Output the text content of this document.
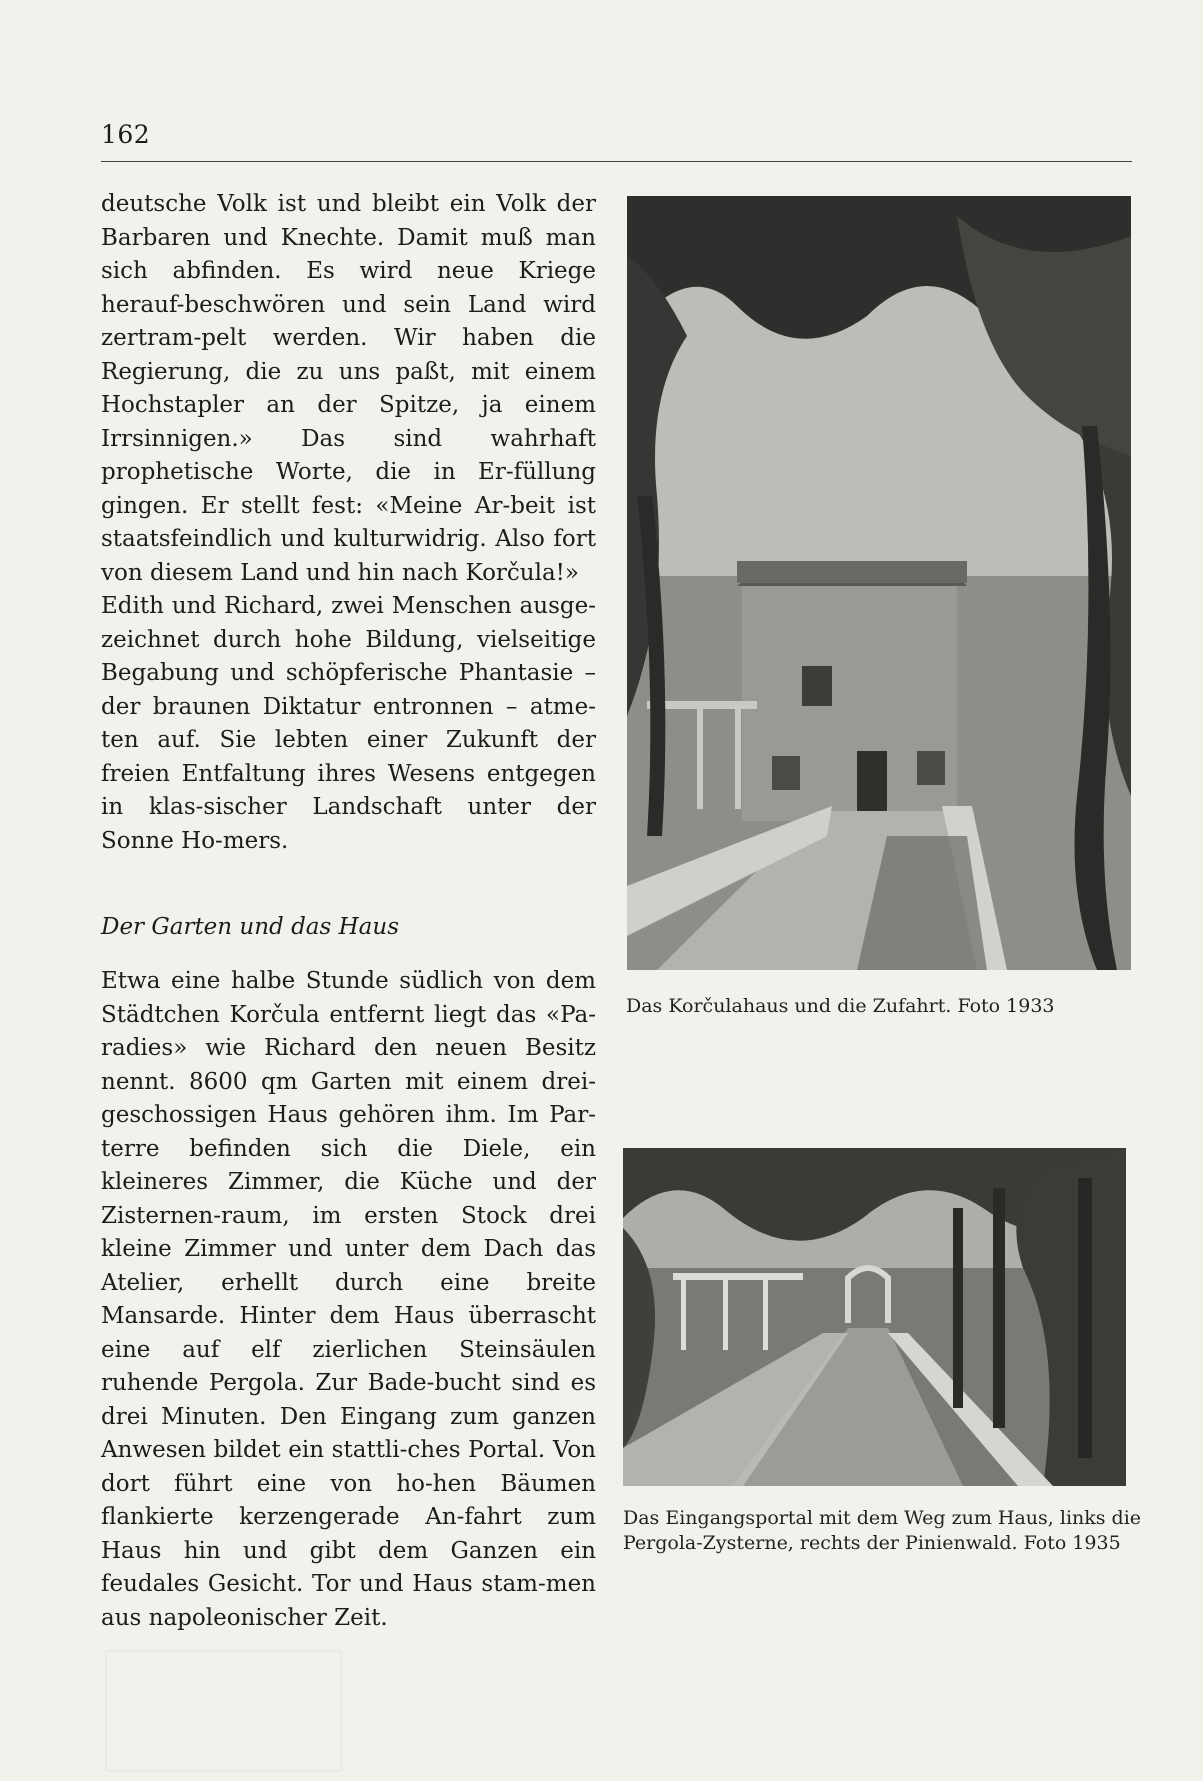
162

deutsche Volk ist und bleibt ein Volk der Barbaren und Knechte. Damit muß man sich abfinden. Es wird neue Kriege herauf-beschwören und sein Land wird zertram-pelt werden. Wir haben die Regierung, die zu uns paßt, mit einem Hochstapler an der Spitze, ja einem Irrsinnigen.» Das sind wahrhaft prophetische Worte, die in Er-füllung gingen. Er stellt fest: «Meine Ar-beit ist staatsfeindlich und kulturwidrig. Also fort von diesem Land und hin nach Korčula!»

Edith und Richard, zwei Menschen ausge-zeichnet durch hohe Bildung, vielseitige Begabung und schöpferische Phantasie – der braunen Diktatur entronnen – atme-ten auf. Sie lebten einer Zukunft der freien Entfaltung ihres Wesens entgegen in klas-sischer Landschaft unter der Sonne Ho-mers.

Der Garten und das Haus

Etwa eine halbe Stunde südlich von dem Städtchen Korčula entfernt liegt das «Pa-radies» wie Richard den neuen Besitz nennt. 8600 qm Garten mit einem drei-geschossigen Haus gehören ihm. Im Par-terre befinden sich die Diele, ein kleineres Zimmer, die Küche und der Zisternen-raum, im ersten Stock drei kleine Zimmer und unter dem Dach das Atelier, erhellt durch eine breite Mansarde. Hinter dem Haus überrascht eine auf elf zierlichen Steinsäulen ruhende Pergola. Zur Bade-bucht sind es drei Minuten. Den Eingang zum ganzen Anwesen bildet ein stattli-ches Portal. Von dort führt eine von ho-hen Bäumen flankierte kerzengerade An-fahrt zum Haus hin und gibt dem Ganzen ein feudales Gesicht. Tor und Haus stam-men aus napoleonischer Zeit.

Das Korčulahaus und die Zufahrt. Foto 1933
Das Eingangsportal mit dem Weg zum Haus, links die Pergola-Zysterne, rechts der Pinienwald. Foto 1935
